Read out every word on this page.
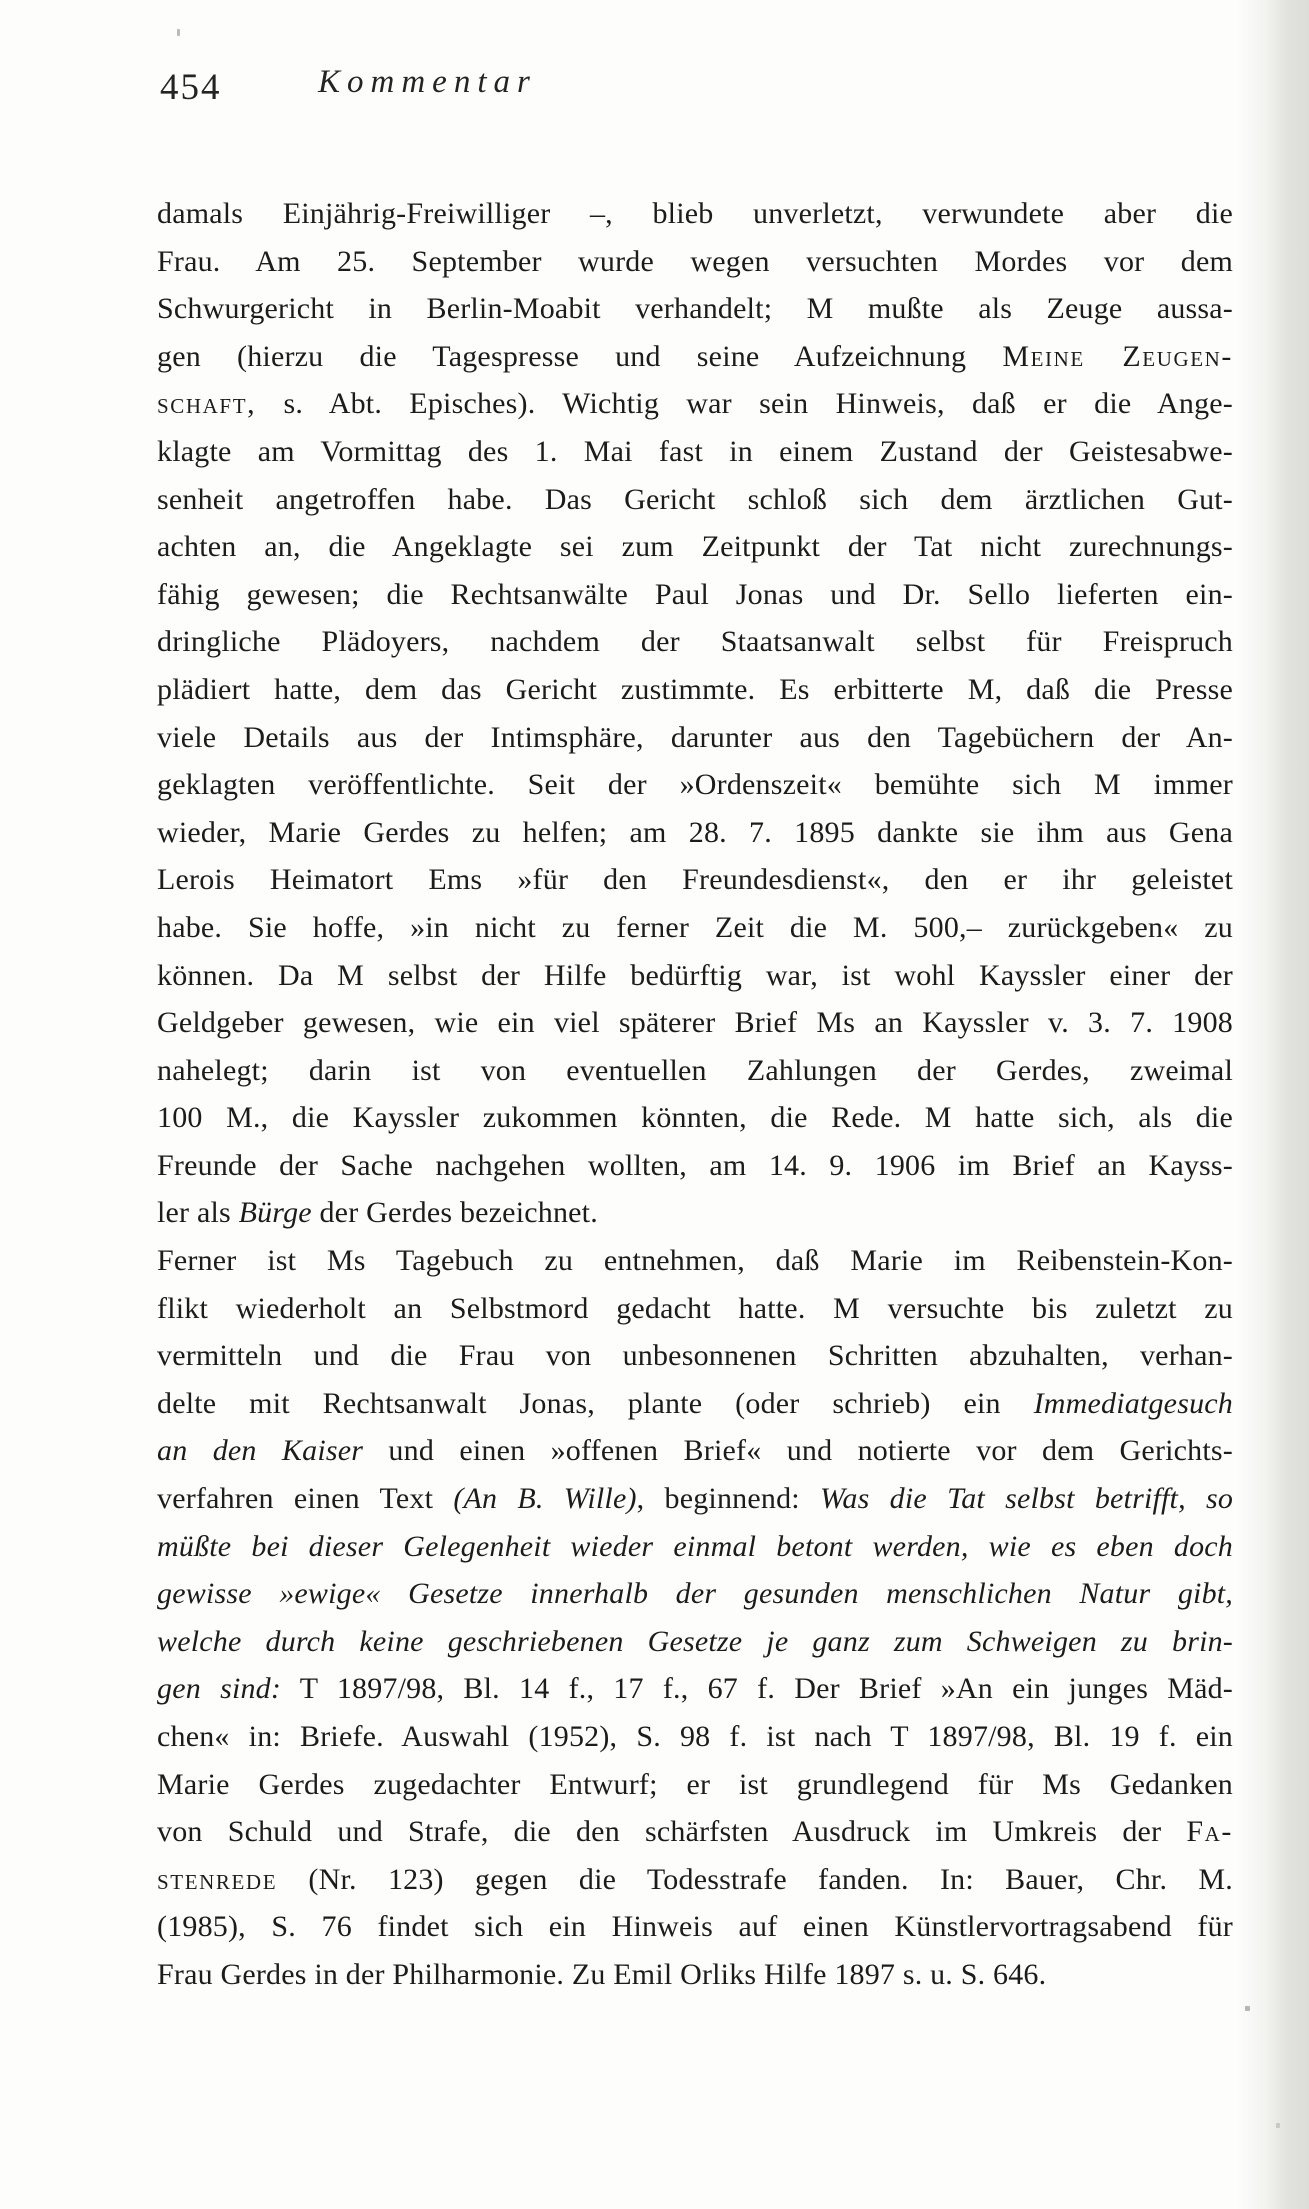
454	Kommentar
damals Einjährig-Freiwilliger –, blieb unverletzt, verwundete aber die
Frau. Am 25. September wurde wegen versuchten Mordes vor dem
Schwurgericht in Berlin-Moabit verhandelt; M mußte als Zeuge aussa-
gen (hierzu die Tagespresse und seine Aufzeichnung Meine Zeugen-
schaft, s. Abt. Episches). Wichtig war sein Hinweis, daß er die Ange-
klagte am Vormittag des 1. Mai fast in einem Zustand der Geistesabwe-
senheit angetroffen habe. Das Gericht schloß sich dem ärztlichen Gut-
achten an, die Angeklagte sei zum Zeitpunkt der Tat nicht zurechnungs-
fähig gewesen; die Rechtsanwälte Paul Jonas und Dr. Sello lieferten ein-
dringliche Plädoyers, nachdem der Staatsanwalt selbst für Freispruch
plädiert hatte, dem das Gericht zustimmte. Es erbitterte M, daß die Presse
viele Details aus der Intimsphäre, darunter aus den Tagebüchern der An-
geklagten veröffentlichte. Seit der »Ordenszeit« bemühte sich M immer
wieder, Marie Gerdes zu helfen; am 28. 7. 1895 dankte sie ihm aus Gena
Lerois Heimatort Ems »für den Freundesdienst«, den er ihr geleistet
habe. Sie hoffe, »in nicht zu ferner Zeit die M. 500,– zurückgeben« zu
können. Da M selbst der Hilfe bedürftig war, ist wohl Kayssler einer der
Geldgeber gewesen, wie ein viel späterer Brief Ms an Kayssler v. 3. 7. 1908
nahelegt; darin ist von eventuellen Zahlungen der Gerdes, zweimal
100 M., die Kayssler zukommen könnten, die Rede. M hatte sich, als die
Freunde der Sache nachgehen wollten, am 14. 9. 1906 im Brief an Kayss-
ler als Bürge der Gerdes bezeichnet.
Ferner ist Ms Tagebuch zu entnehmen, daß Marie im Reibenstein-Kon-
flikt wiederholt an Selbstmord gedacht hatte. M versuchte bis zuletzt zu
vermitteln und die Frau von unbesonnenen Schritten abzuhalten, verhan-
delte mit Rechtsanwalt Jonas, plante (oder schrieb) ein Immediatgesuch
an den Kaiser und einen »offenen Brief« und notierte vor dem Gerichts-
verfahren einen Text (An B. Wille), beginnend: Was die Tat selbst betrifft, so
müßte bei dieser Gelegenheit wieder einmal betont werden, wie es eben doch
gewisse »ewige« Gesetze innerhalb der gesunden menschlichen Natur gibt,
welche durch keine geschriebenen Gesetze je ganz zum Schweigen zu brin-
gen sind: T 1897/98, Bl. 14 f., 17 f., 67 f. Der Brief »An ein junges Mäd-
chen« in: Briefe. Auswahl (1952), S. 98 f. ist nach T 1897/98, Bl. 19 f. ein
Marie Gerdes zugedachter Entwurf; er ist grundlegend für Ms Gedanken
von Schuld und Strafe, die den schärfsten Ausdruck im Umkreis der Fa-
stenrede (Nr. 123) gegen die Todesstrafe fanden. In: Bauer, Chr. M.
(1985), S. 76 findet sich ein Hinweis auf einen Künstlervortragsabend für
Frau Gerdes in der Philharmonie. Zu Emil Orliks Hilfe 1897 s. u. S. 646.
